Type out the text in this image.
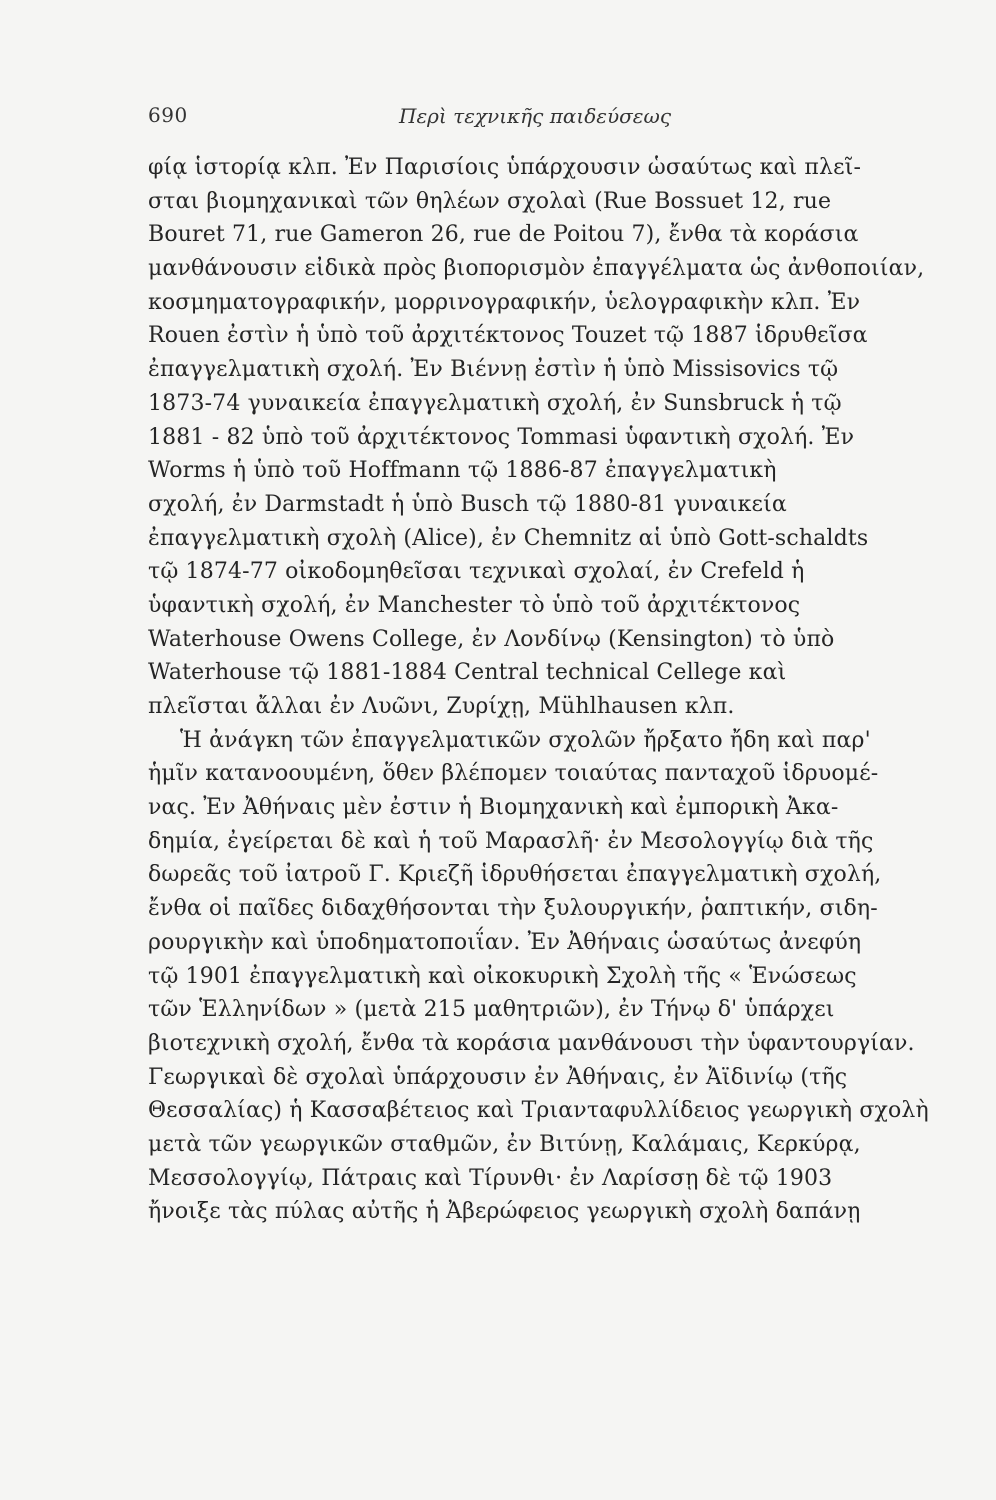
690	Περὶ τεχνικῆς παιδεύσεως
φίᾳ ἱστορίᾳ κλπ. Ἐν Παρισίοις ὑπάρχουσιν ὡσαύτως καὶ πλεῖ-
σται βιομηχανικαὶ τῶν θηλέων σχολαὶ (Rue Bossuet 12, rue
Bouret 71, rue Gameron 26, rue de Poitou 7), ἔνθα τὰ κοράσια
μανθάνουσιν εἰδικὰ πρὸς βιοπορισμὸν ἐπαγγέλματα ὡς ἀνθοποιίαν,
κοσμηματογραφικήν, μορρινογραφικήν, ὑελογραφικὴν κλπ. Ἐν
Rouen ἐστὶν ἡ ὑπὸ τοῦ ἀρχιτέκτονος Touzet τῷ 1887 ἱδρυθεῖσα
ἐπαγγελματικὴ σχολή. Ἐν Βιέννῃ ἐστὶν ἡ ὑπὸ Missisovics τῷ
1873-74 γυναικεία ἐπαγγελματικὴ σχολή, ἐν Sunsbruck ἡ τῷ
1881 - 82 ὑπὸ τοῦ ἀρχιτέκτονος Tommasi ὑφαντικὴ σχολή. Ἐν
Worms ἡ ὑπὸ τοῦ Hoffmann τῷ 1886-87 ἐπαγγελματικὴ
σχολή, ἐν Darmstadt ἡ ὑπὸ Busch τῷ 1880-81 γυναικεία
ἐπαγγελματικὴ σχολὴ (Alice), ἐν Chemnitz αἱ ὑπὸ Gott-schaldts
τῷ 1874-77 οἰκοδομηθεῖσαι τεχνικαὶ σχολαί, ἐν Crefeld ἡ
ὑφαντικὴ σχολή, ἐν Manchester τὸ ὑπὸ τοῦ ἀρχιτέκτονος
Waterhouse Owens College, ἐν Λονδίνῳ (Kensington) τὸ ὑπὸ
Waterhouse τῷ 1881-1884 Central technical Cellege καὶ
πλεῖσται ἄλλαι ἐν Λυῶνι, Ζυρίχῃ, Mühlhausen κλπ.
Ἡ ἀνάγκη τῶν ἐπαγγελματικῶν σχολῶν ἤρξατο ἤδη καὶ παρ'
ἡμῖν κατανοουμένη, ὅθεν βλέπομεν τοιαύτας πανταχοῦ ἱδρυομέ-
νας. Ἐν Ἀθήναις μὲν ἐστιν ἡ Βιομηχανικὴ καὶ ἐμπορικὴ Ἀκα-
δημία, ἐγείρεται δὲ καὶ ἡ τοῦ Μαρασλῆ· ἐν Μεσολογγίῳ διὰ τῆς
δωρεᾶς τοῦ ἰατροῦ Γ. Κριεζῆ ἱδρυθήσεται ἐπαγγελματικὴ σχολή,
ἔνθα οἱ παῖδες διδαχθήσονται τὴν ξυλουργικήν, ῥαπτικήν, σιδη-
ρουργικὴν καὶ ὑποδηματοποιΐαν. Ἐν Ἀθήναις ὡσαύτως ἀνεφύη
τῷ 1901 ἐπαγγελματικὴ καὶ οἰκοκυρικὴ Σχολὴ τῆς « Ἑνώσεως
τῶν Ἑλληνίδων » (μετὰ 215 μαθητριῶν), ἐν Τήνῳ δ' ὑπάρχει
βιοτεχνικὴ σχολή, ἔνθα τὰ κοράσια μανθάνουσι τὴν ὑφαντουργίαν.
Γεωργικαὶ δὲ σχολαὶ ὑπάρχουσιν ἐν Ἀθήναις, ἐν Ἀϊδινίῳ (τῆς
Θεσσαλίας) ἡ Κασσαβέτειος καὶ Τριανταφυλλίδειος γεωργικὴ σχολὴ
μετὰ τῶν γεωργικῶν σταθμῶν, ἐν Βιτύνῃ, Καλάμαις, Κερκύρᾳ,
Μεσσολογγίῳ, Πάτραις καὶ Τίρυνθι· ἐν Λαρίσσῃ δὲ τῷ 1903
ἤνοιξε τὰς πύλας αὐτῆς ἡ Ἀβερώφειος γεωργικὴ σχολὴ δαπάνῃ
